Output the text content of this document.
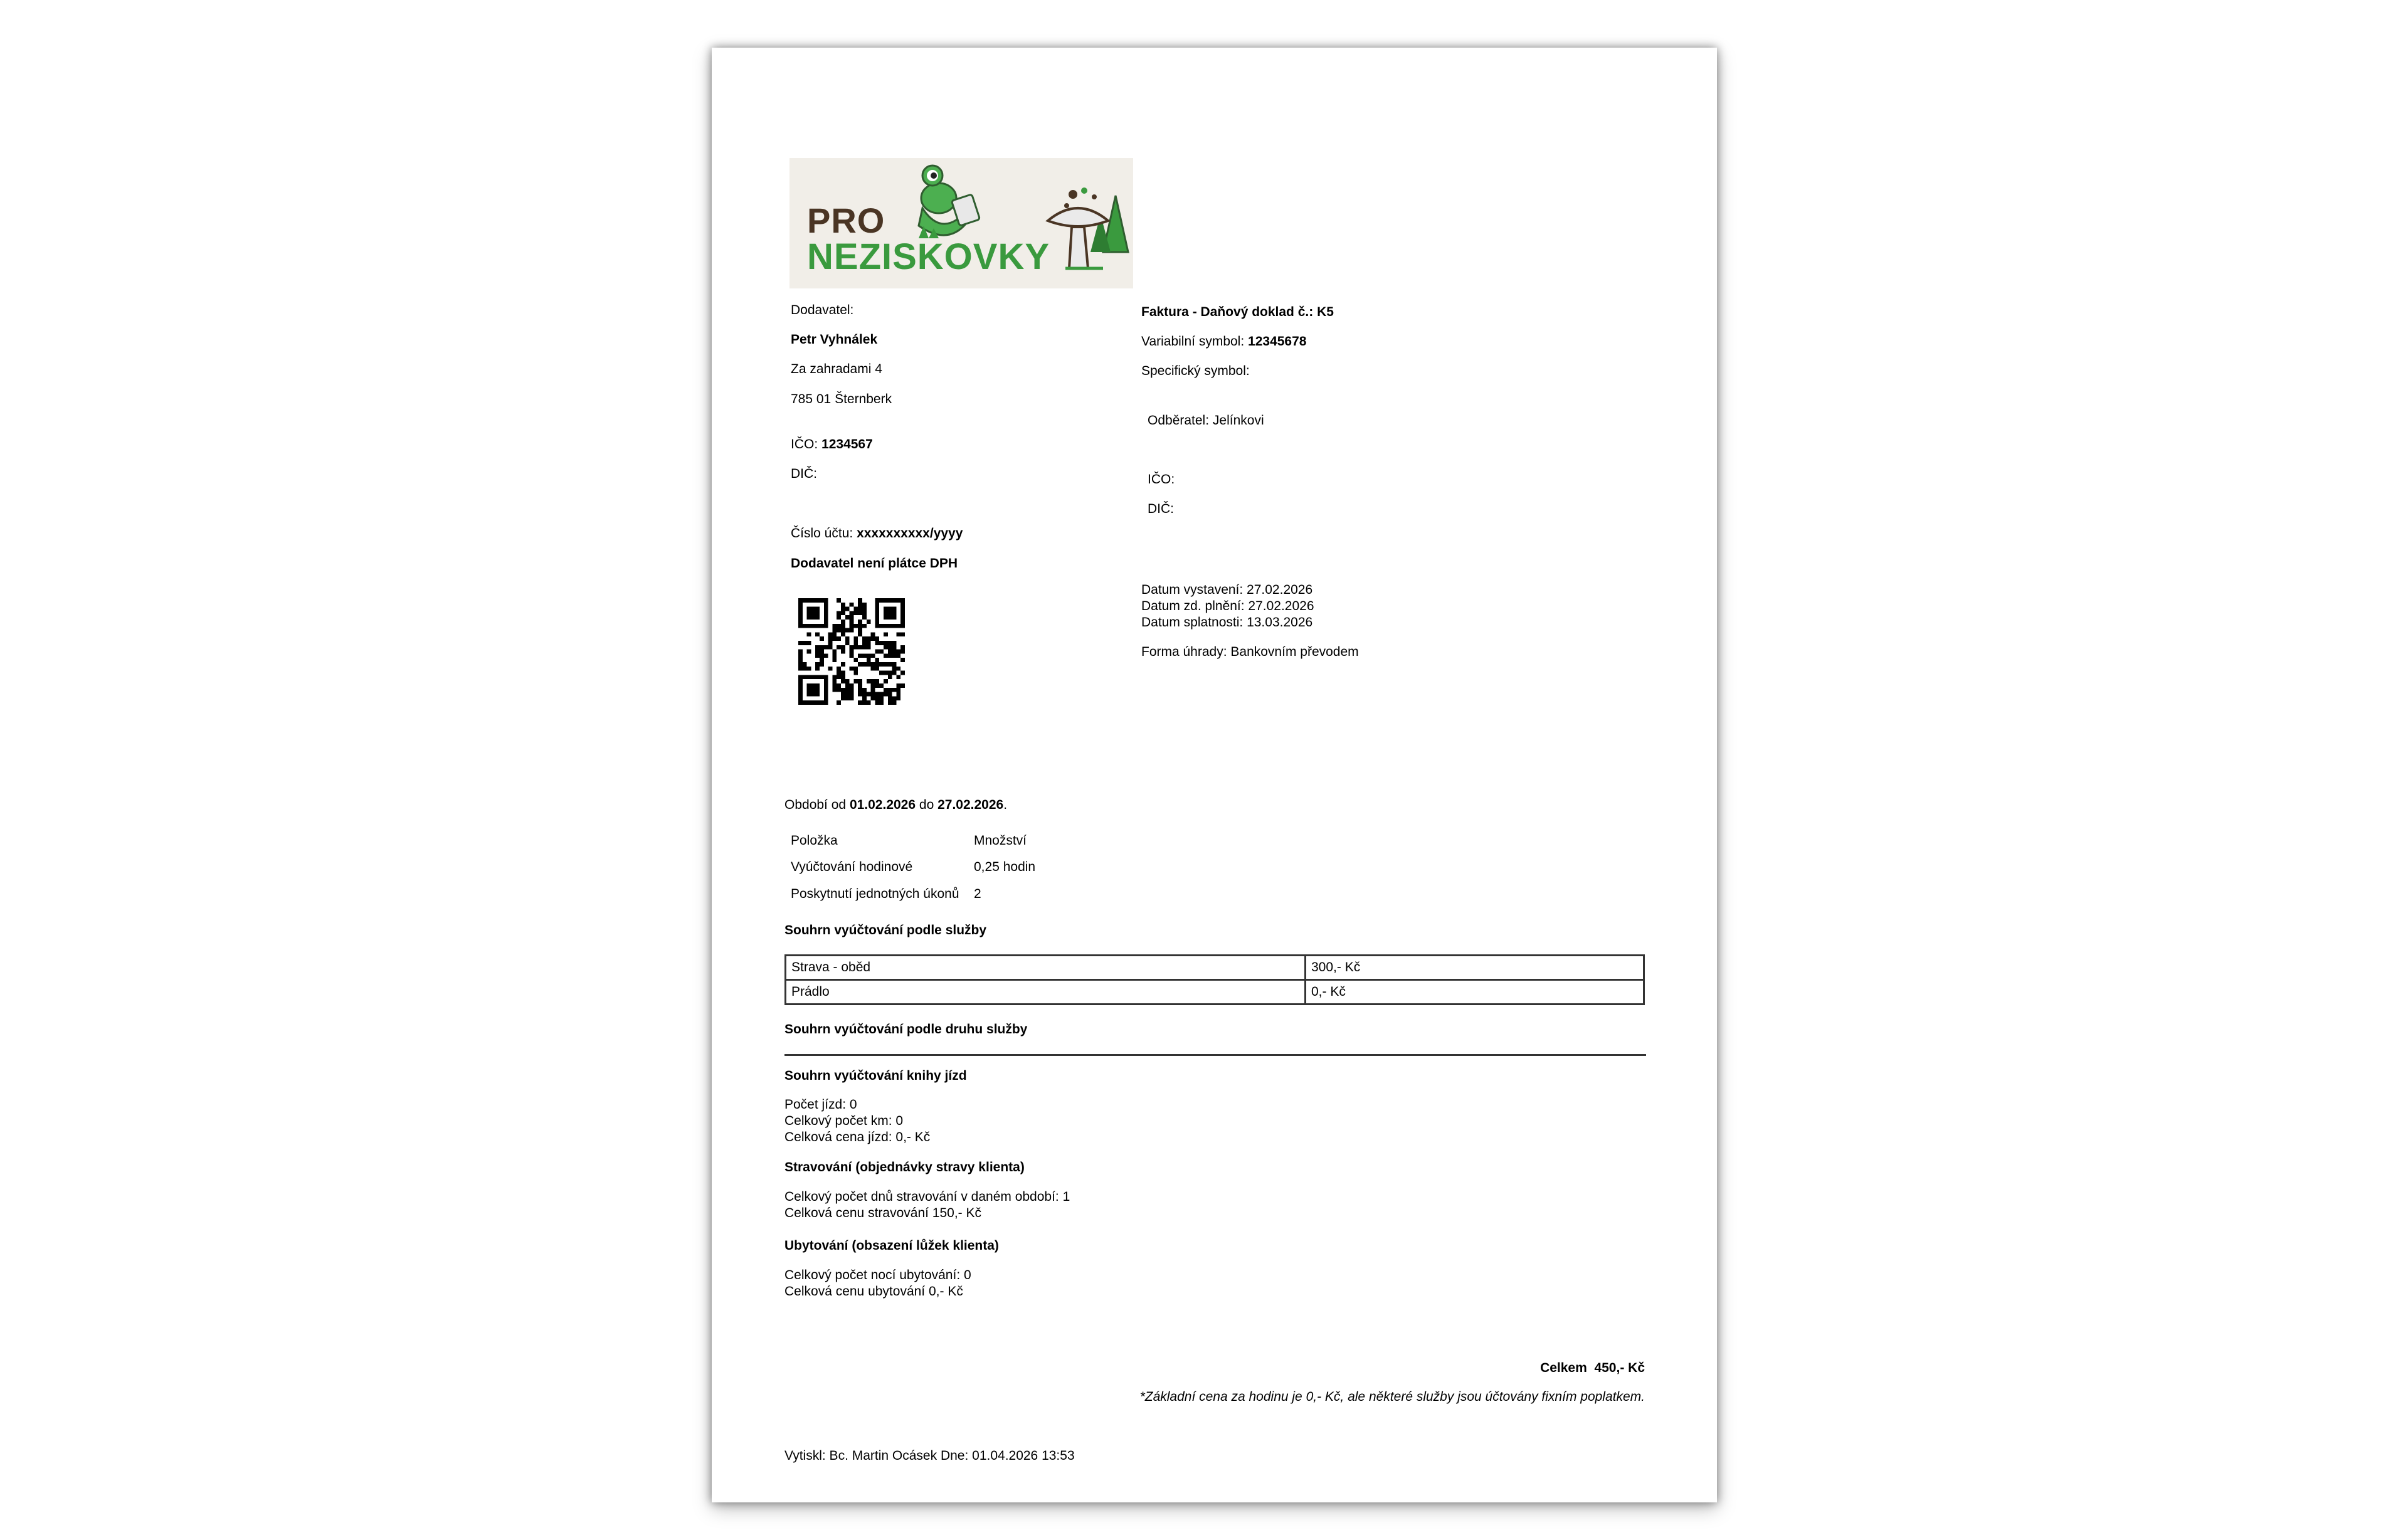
PRO
NEZISKOVKY
Dodavatel:
Petr Vyhnálek
Za zahradami 4
785 01 Šternberk
IČO: 1234567
DIČ:
Číslo účtu: xxxxxxxxxx/yyyy
Dodavatel není plátce DPH
Faktura - Daňový doklad č.: K5
Variabilní symbol: 12345678
Specifický symbol:
Odběratel: Jelínkovi
IČO:
DIČ:
Datum vystavení: 27.02.2026
Datum zd. plnění: 27.02.2026
Datum splatnosti: 13.03.2026
Forma úhrady: Bankovním převodem
Období od 01.02.2026 do 27.02.2026.
Položka	Množství
Vyúčtování hodinové	0,25 hodin
Poskytnutí jednotných úkonů 2
Souhrn vyúčtování podle služby
Strava - oběd	300,- Kč
Prádlo	0,- Kč
Souhrn vyúčtování podle druhu služby
Souhrn vyúčtování knihy jízd
Počet jízd: 0
Celkový počet km: 0
Celková cena jízd: 0,- Kč
Stravování (objednávky stravy klienta)
Celkový počet dnů stravování v daném období: 1
Celková cenu stravování 150,- Kč
Ubytování (obsazení lůžek klienta)
Celkový počet nocí ubytování: 0
Celková cenu ubytování 0,- Kč
Celkem 450,- Kč
*Základní cena za hodinu je 0,- Kč, ale některé služby jsou účtovány fixním poplatkem.
Vytiskl: Bc. Martin Ocásek Dne: 01.04.2026 13:53
